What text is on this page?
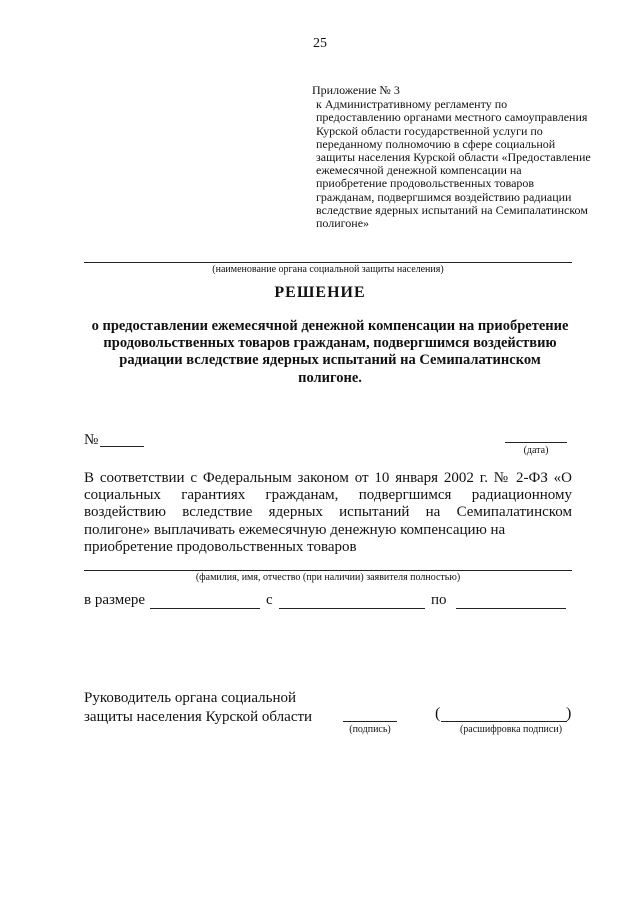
25
Приложение № 3
к Административному регламенту по предоставлению органами местного самоуправления Курской области государственной услуги по переданному полномочию в сфере социальной защиты населения Курской области «Предоставление ежемесячной денежной компенсации на приобретение продовольственных товаров гражданам, подвергшимся воздействию радиации вследствие ядерных испытаний на Семипалатинском полигоне»
(наименование органа социальной защиты населения)
РЕШЕНИЕ
о предоставлении ежемесячной денежной компенсации на приобретение продовольственных товаров гражданам, подвергшимся воздействию радиации вследствие ядерных испытаний на Семипалатинском полигоне.
№
(дата)
В соответствии с Федеральным законом от 10 января 2002 г. № 2-ФЗ «О социальных гарантиях гражданам, подвергшимся радиационному воздействию вследствие ядерных испытаний на Семипалатинском полигоне» выплачивать ежемесячную денежную компенсацию на
приобретение продовольственных товаров
(фамилия, имя, отчество (при наличии) заявителя полностью)
в размере	с	по
Руководитель органа социальной
защиты населения Курской области
(подпись)
(	)
(расшифровка подписи)
